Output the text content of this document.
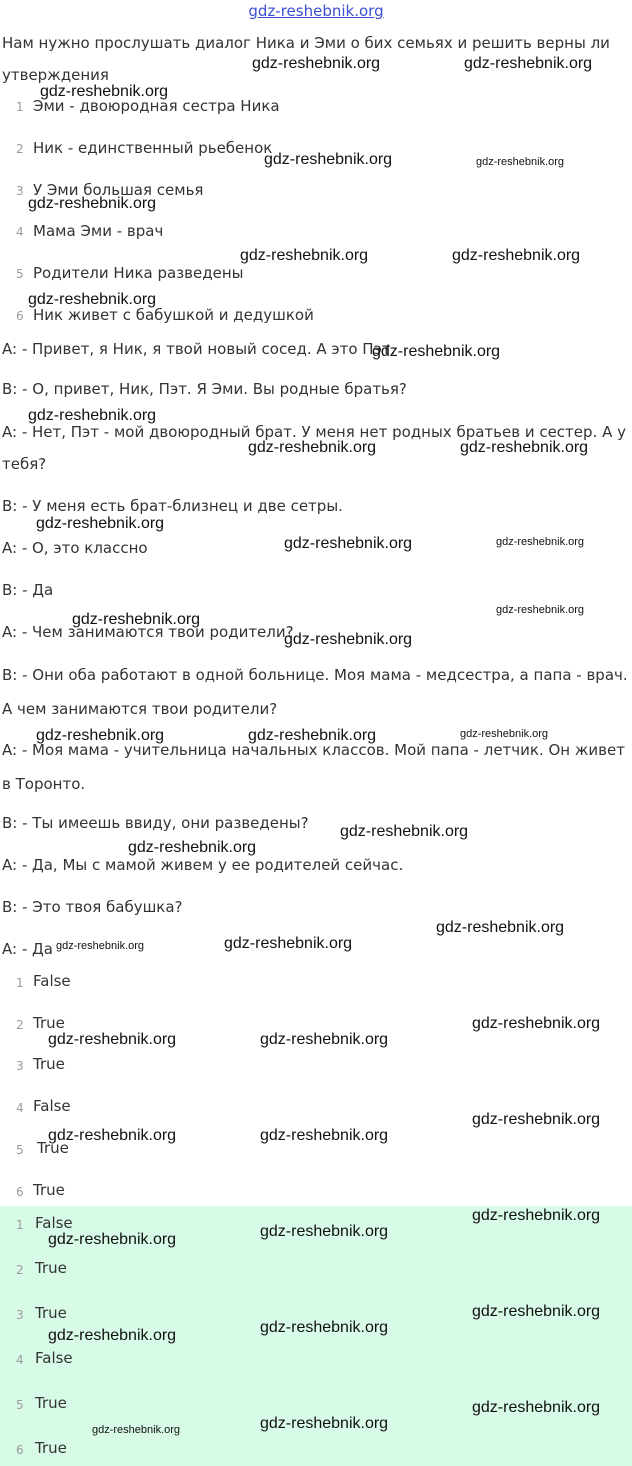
gdz-reshebnik.org
Нам нужно прослушать диалог Ника и Эми о бих семьях и решить верны ли утверждения
1 Эми - двоюродная сестра Ника
2 Ник - единственный рьебенок
3 У Эми большая семья
4 Мама Эми - врач
5 Родители Ника разведены
6 Ник живет с бабушкой и дедушкой
A: - Привет, я Ник, я твой новый сосед. А это Пэт.
B: - О, привет, Ник, Пэт. Я Эми. Вы родные братья?
A: - Нет, Пэт - мой двоюродный брат. У меня нет родных братьев и сестер. А у тебя?
B: - У меня есть брат-близнец и две сетры.
A: - О, это классно
B: - Да
A: - Чем занимаются твои родители?
B: - Они оба работают в одной больнице. Моя мама - медсестра, а папа - врач. А чем занимаются твои родители?
A: - Моя мама - учительница начальных классов. Мой папа - летчик. Он живет в Торонто.
B: - Ты имеешь ввиду, они разведены?
A: - Да, Мы с мамой живем у ее родителей сейчас.
B: - Это твоя бабушка?
A: - Да
1 False
2 True
3 True
4 False
5 True
6 True
1 False
2 True
3 True
4 False
5 True
6 True
gdz-reshebnik.org	gdz-reshebnik.org
gdz-reshebnik.org
gdz-reshebnik.org	gdz-reshebnik.org
gdz-reshebnik.org
gdz-reshebnik.org	gdz-reshebnik.org
gdz-reshebnik.org
gdz-reshebnik.org
gdz-reshebnik.org
gdz-reshebnik.org	gdz-reshebnik.org
gdz-reshebnik.org
gdz-reshebnik.org	gdz-reshebnik.org
gdz-reshebnik.org
gdz-reshebnik.org
gdz-reshebnik.org
gdz-reshebnik.org	gdz-reshebnik.org	gdz-reshebnik.org
gdz-reshebnik.org
gdz-reshebnik.org
gdz-reshebnik.org
gdz-reshebnik.org	gdz-reshebnik.org
gdz-reshebnik.org
gdz-reshebnik.org	gdz-reshebnik.org
gdz-reshebnik.org
gdz-reshebnik.org	gdz-reshebnik.org
gdz-reshebnik.org
gdz-reshebnik.org	gdz-reshebnik.org
gdz-reshebnik.org
gdz-reshebnik.org	gdz-reshebnik.org
gdz-reshebnik.org
gdz-reshebnik.org
gdz-reshebnik.org
